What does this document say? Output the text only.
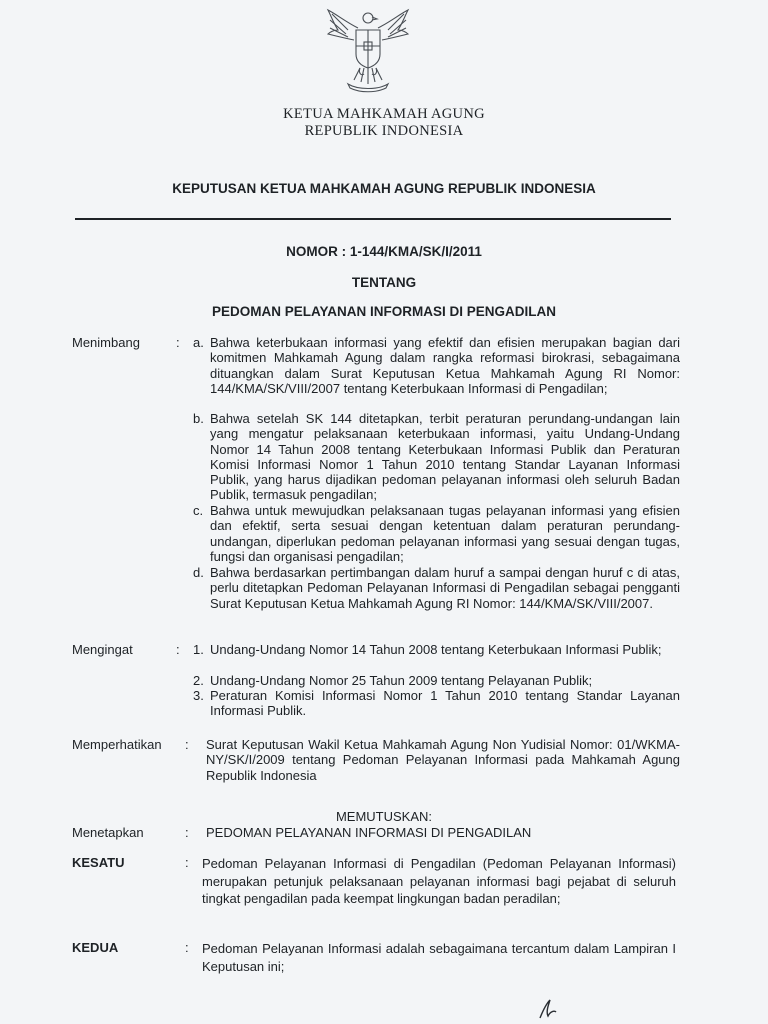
KETUA MAHKAMAH AGUNG
REPUBLIK INDONESIA
KEPUTUSAN KETUA MAHKAMAH AGUNG REPUBLIK INDONESIA
NOMOR : 1-144/KMA/SK/I/2011
TENTANG
PEDOMAN PELAYANAN INFORMASI DI PENGADILAN
Menimbang	: a. Bahwa keterbukaan informasi yang efektif dan efisien merupakan bagian dari komitmen Mahkamah Agung dalam rangka reformasi birokrasi, sebagaimana dituangkan dalam Surat Keputusan Ketua Mahkamah Agung RI Nomor: 144/KMA/SK/VIII/2007 tentang Keterbukaan Informasi di Pengadilan;
b. Bahwa setelah SK 144 ditetapkan, terbit peraturan perundang-undangan lain yang mengatur pelaksanaan keterbukaan informasi, yaitu Undang-Undang Nomor 14 Tahun 2008 tentang Keterbukaan Informasi Publik dan Peraturan Komisi Informasi Nomor 1 Tahun 2010 tentang Standar Layanan Informasi Publik, yang harus dijadikan pedoman pelayanan informasi oleh seluruh Badan Publik, termasuk pengadilan;
c. Bahwa untuk mewujudkan pelaksanaan tugas pelayanan informasi yang efisien dan efektif, serta sesuai dengan ketentuan dalam peraturan perundang-undangan, diperlukan pedoman pelayanan informasi yang sesuai dengan tugas, fungsi dan organisasi pengadilan;
d. Bahwa berdasarkan pertimbangan dalam huruf a sampai dengan huruf c di atas, perlu ditetapkan Pedoman Pelayanan Informasi di Pengadilan sebagai pengganti Surat Keputusan Ketua Mahkamah Agung RI Nomor: 144/KMA/SK/VIII/2007.
Mengingat	: 1. Undang-Undang Nomor 14 Tahun 2008 tentang Keterbukaan Informasi Publik;
2. Undang-Undang Nomor 25 Tahun 2009 tentang Pelayanan Publik;
3. Peraturan Komisi Informasi Nomor 1 Tahun 2010 tentang Standar Layanan Informasi Publik.
Memperhatikan : Surat Keputusan Wakil Ketua Mahkamah Agung Non Yudisial Nomor: 01/WKMA-NY/SK/I/2009 tentang Pedoman Pelayanan Informasi pada Mahkamah Agung Republik Indonesia
MEMUTUSKAN:
Menetapkan	: PEDOMAN PELAYANAN INFORMASI DI PENGADILAN
KESATU	: Pedoman Pelayanan Informasi di Pengadilan (Pedoman Pelayanan Informasi) merupakan petunjuk pelaksanaan pelayanan informasi bagi pejabat di seluruh tingkat pengadilan pada keempat lingkungan badan peradilan;
KEDUA	: Pedoman Pelayanan Informasi adalah sebagaimana tercantum dalam Lampiran I Keputusan ini;
